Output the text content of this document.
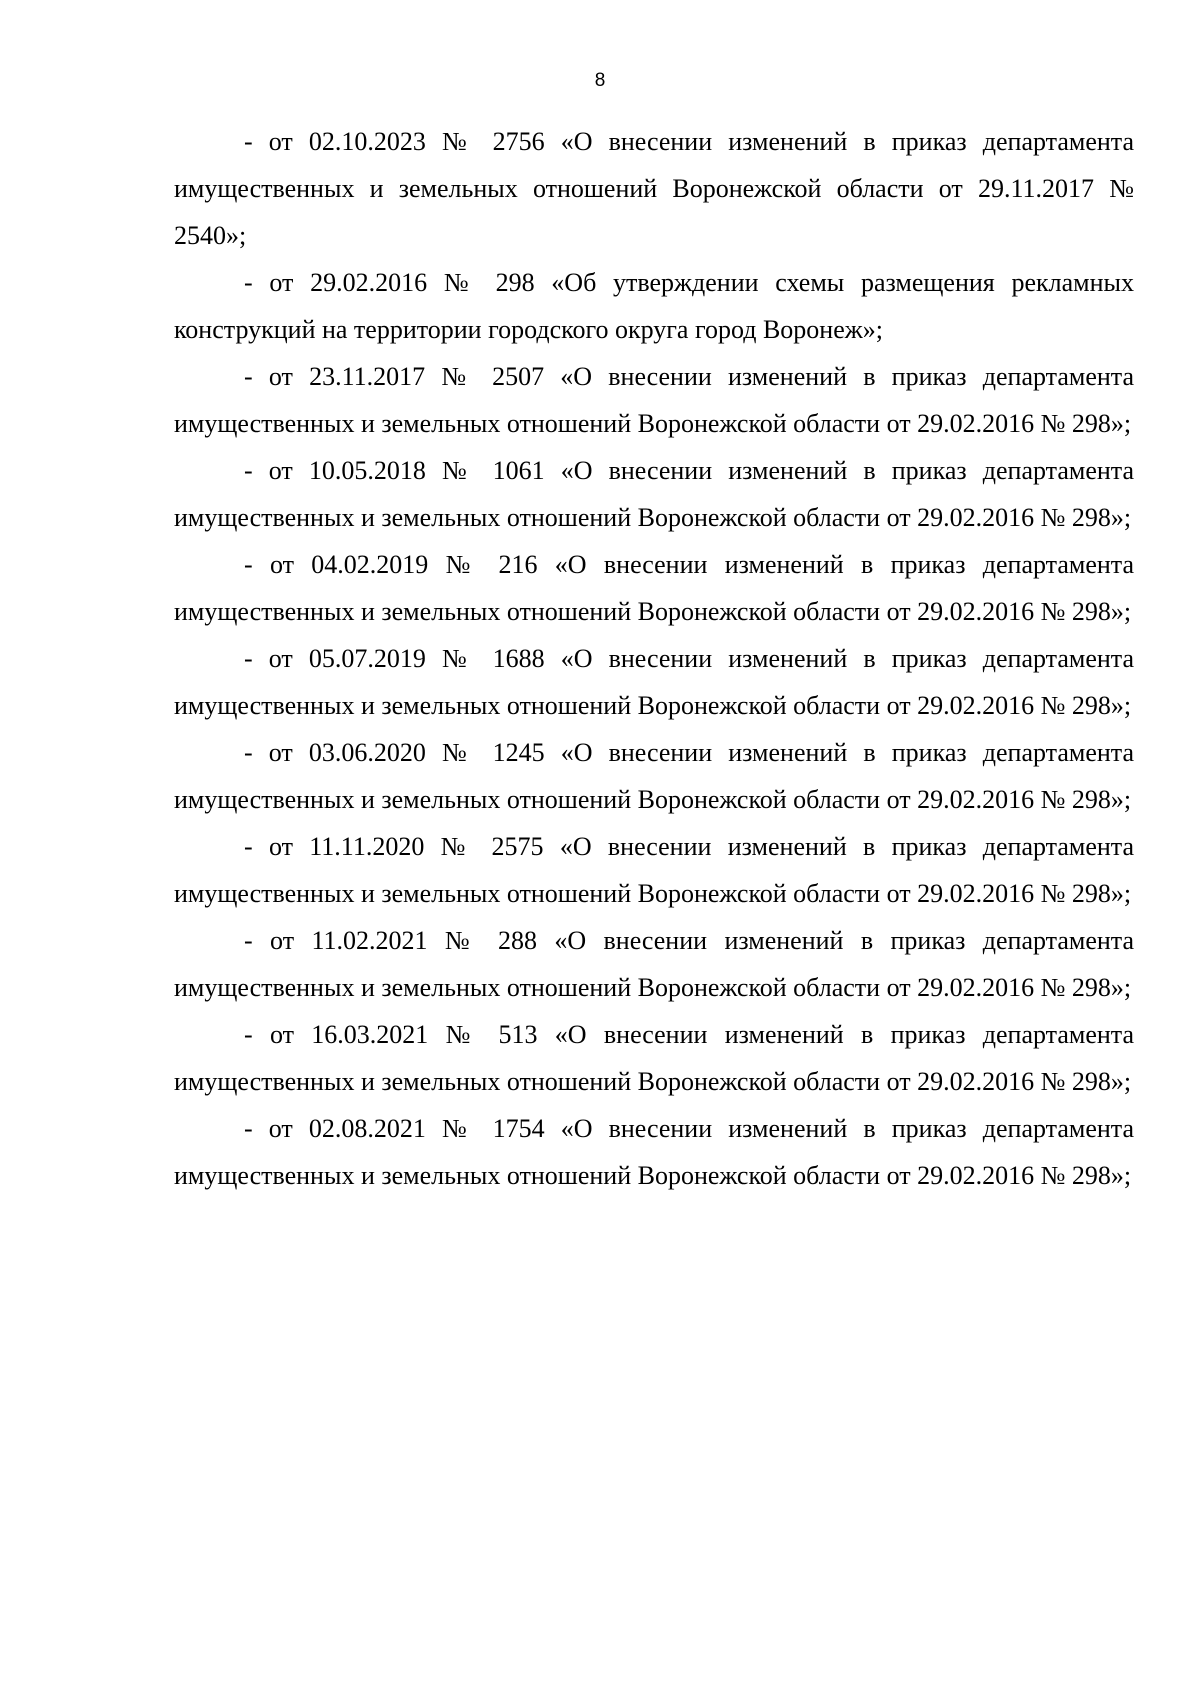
8

- от 02.10.2023 № 2756 «О внесении изменений в приказ департамента имущественных и земельных отношений Воронежской области от 29.11.2017 № 2540»;

- от 29.02.2016 № 298 «Об утверждении схемы размещения рекламных конструкций на территории городского округа город Воронеж»;

- от 23.11.2017 № 2507 «О внесении изменений в приказ департамента имущественных и земельных отношений Воронежской области от 29.02.2016 № 298»;

- от 10.05.2018 № 1061 «О внесении изменений в приказ департамента имущественных и земельных отношений Воронежской области от 29.02.2016 № 298»;

- от 04.02.2019 № 216 «О внесении изменений в приказ департамента имущественных и земельных отношений Воронежской области от 29.02.2016 № 298»;

- от 05.07.2019 № 1688 «О внесении изменений в приказ департамента имущественных и земельных отношений Воронежской области от 29.02.2016 № 298»;

- от 03.06.2020 № 1245 «О внесении изменений в приказ департамента имущественных и земельных отношений Воронежской области от 29.02.2016 № 298»;

- от 11.11.2020 № 2575 «О внесении изменений в приказ департамента имущественных и земельных отношений Воронежской области от 29.02.2016 № 298»;

- от 11.02.2021 № 288 «О внесении изменений в приказ департамента имущественных и земельных отношений Воронежской области от 29.02.2016 № 298»;

- от 16.03.2021 № 513 «О внесении изменений в приказ департамента имущественных и земельных отношений Воронежской области от 29.02.2016 № 298»;

- от 02.08.2021 № 1754 «О внесении изменений в приказ департамента имущественных и земельных отношений Воронежской области от 29.02.2016 № 298»;
